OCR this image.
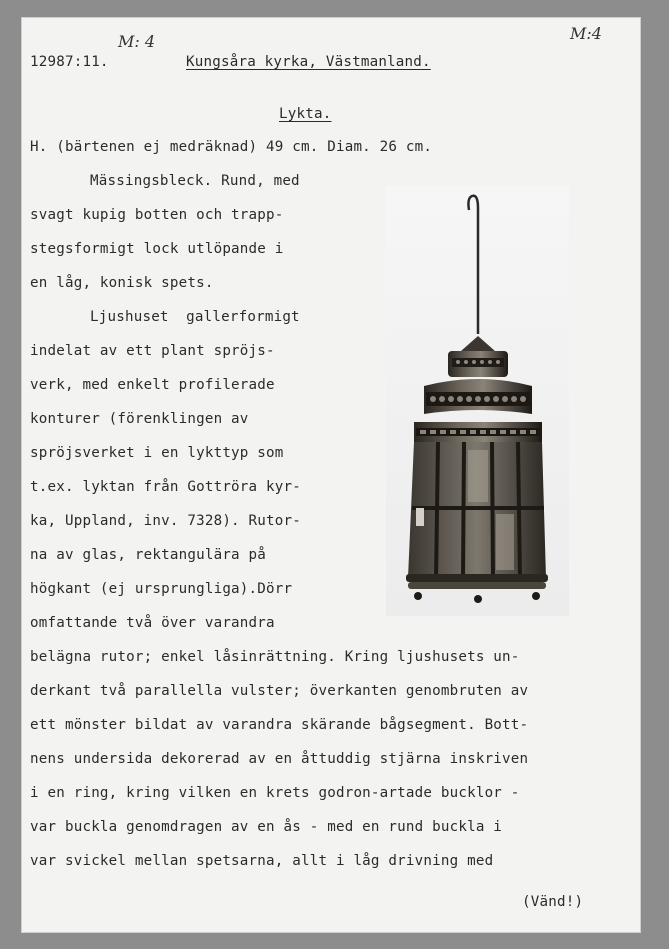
M: 4	M:4
12987:11.	Kungsåra kyrka, Västmanland.
Lykta.
H. (bärtenen ej medräknad) 49 cm. Diam. 26 cm.
Mässingsbleck. Rund, med
svagt kupig botten och trapp-
stegsformigt lock utlöpande i
en låg, konisk spets.
Ljushuset  gallerformigt
indelat av ett plant spröjs-
verk, med enkelt profilerade
konturer (förenklingen av
spröjsverket i en lykttyp som
t.ex. lyktan från Gottröra kyr-
ka, Uppland, inv. 7328). Rutor-
na av glas, rektangulära på
högkant (ej ursprungliga).Dörr
omfattande två över varandra
belägna rutor; enkel låsinrättning. Kring ljushusets un-
derkant två parallella vulster; överkanten genombruten av
ett mönster bildat av varandra skärande bågsegment. Bott-
nens undersida dekorerad av en åttuddig stjärna inskriven
i en ring, kring vilken en krets godron-artade bucklor -
var buckla genomdragen av en ås - med en rund buckla i
var svickel mellan spetsarna, allt i låg drivning med
(Vänd!)
